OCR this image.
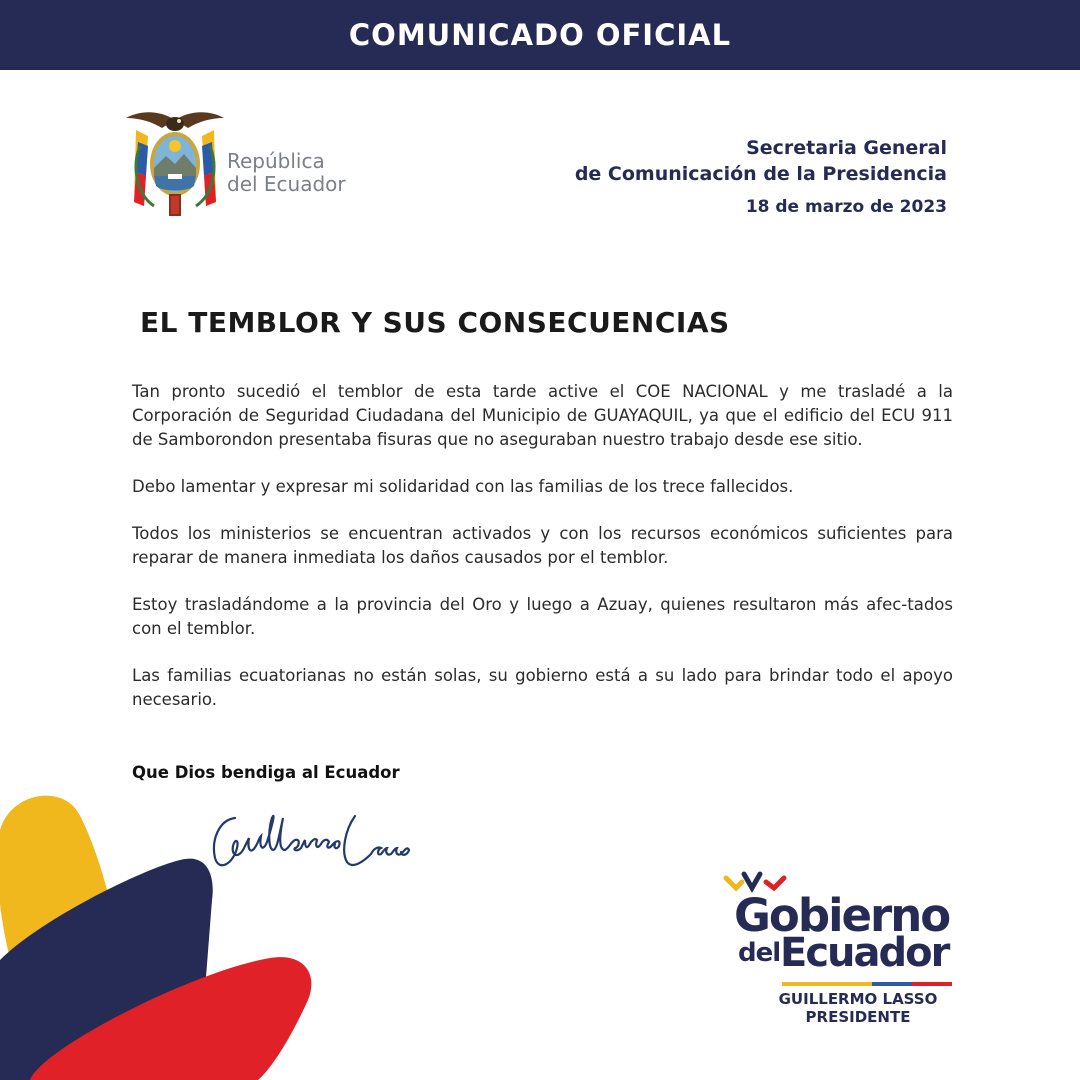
COMUNICADO OFICIAL
República
del Ecuador
Secretaria General
de Comunicación de la Presidencia
18 de marzo de 2023
EL TEMBLOR Y SUS CONSECUENCIAS

Tan pronto sucedió el temblor de esta tarde active el COE NACIONAL y me trasladé a la Corporación de Seguridad Ciudadana del Municipio de GUAYAQUIL, ya que el edificio del ECU 911 de Samborondon presentaba fisuras que no aseguraban nuestro trabajo desde ese sitio.

Debo lamentar y expresar mi solidaridad con las familias de los trece fallecidos.

Todos los ministerios se encuentran activados y con los recursos económicos suficientes para reparar de manera inmediata los daños causados por el temblor.

Estoy trasladándome a la provincia del Oro y luego a Azuay, quienes resultaron más afec-tados con el temblor.

Las familias ecuatorianas no están solas, su gobierno está a su lado para brindar todo el apoyo necesario.

Que Dios bendiga al Ecuador
Gobierno
del Ecuador
GUILLERMO LASSO
PRESIDENTE
